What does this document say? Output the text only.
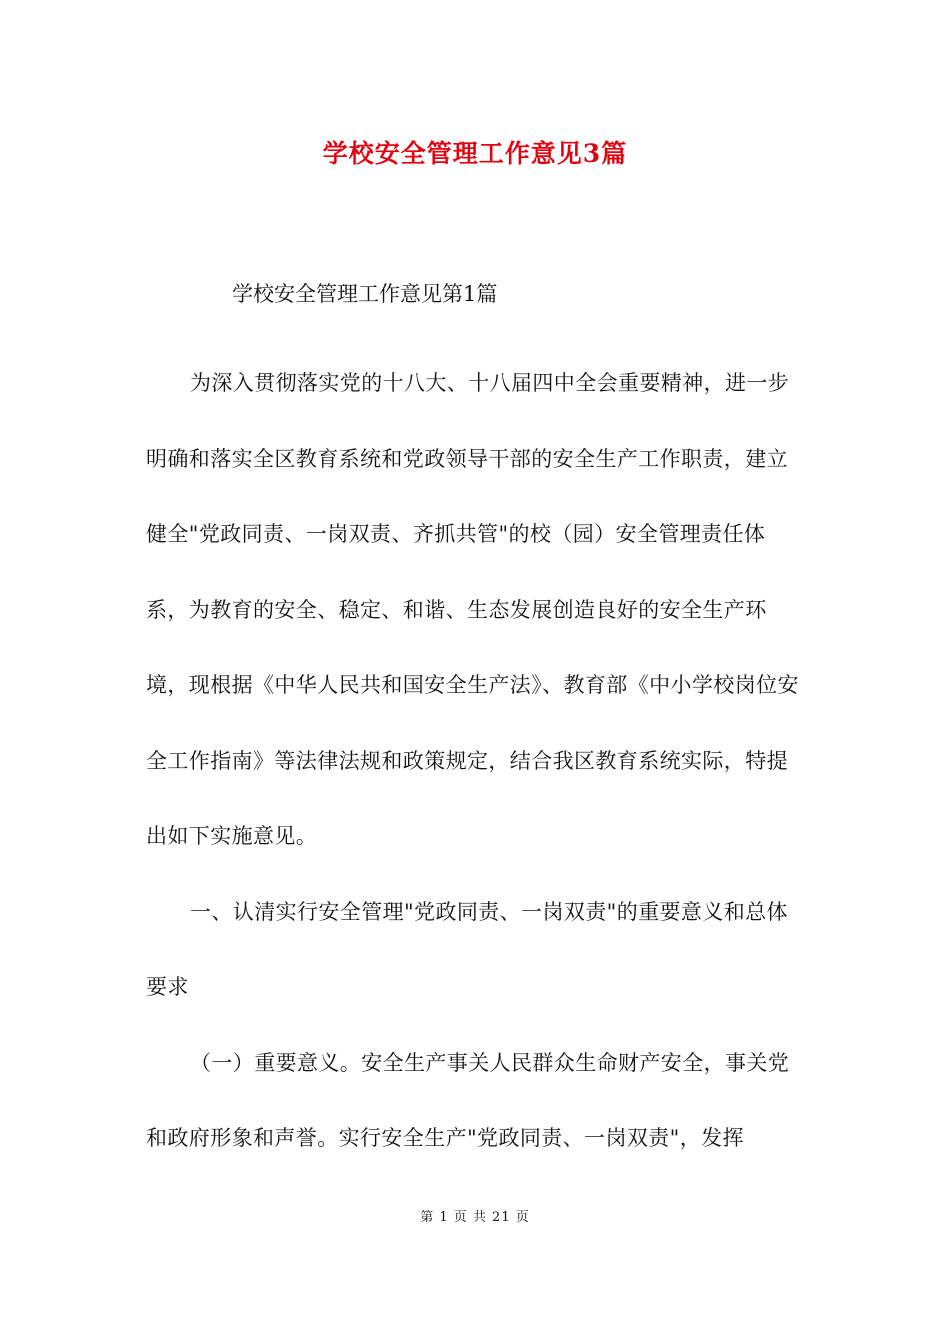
学校安全管理工作意见3篇
学校安全管理工作意见第1篇

为深入贯彻落实党的十八大、十八届四中全会重要精神，进一步明确和落实全区教育系统和党政领导干部的安全生产工作职责，建立健全"党政同责、一岗双责、齐抓共管"的校（园）安全管理责任体系，为教育的安全、稳定、和谐、生态发展创造良好的安全生产环境，现根据《中华人民共和国安全生产法》、教育部《中小学校岗位安全工作指南》等法律法规和政策规定，结合我区教育系统实际，特提出如下实施意见。

一、认清实行安全管理"党政同责、一岗双责"的重要意义和总体要求

（一）重要意义。安全生产事关人民群众生命财产安全，事关党和政府形象和声誉。实行安全生产"党政同责、一岗双责"，发挥

第 1 页 共 21 页
